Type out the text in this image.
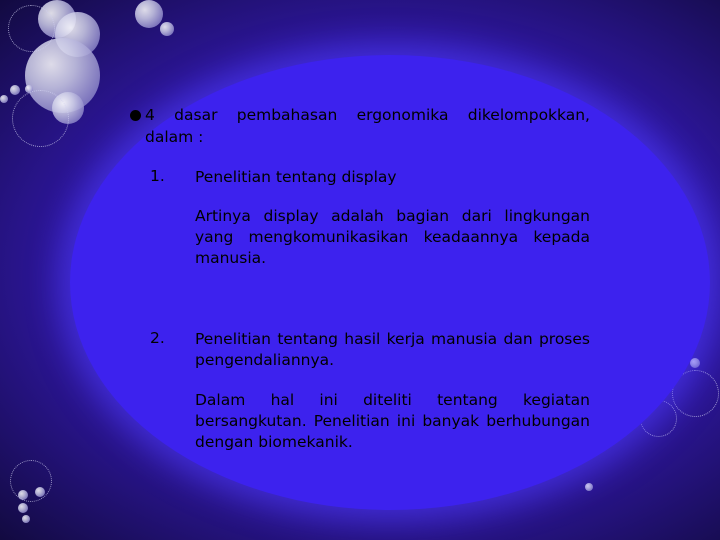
4 dasar pembahasan ergonomika dikelompokkan,
dalam :
1. Penelitian tentang display
Artinya display adalah bagian dari lingkungan yang mengkomunikasikan keadaannya kepada manusia.
2. Penelitian tentang hasil kerja manusia dan proses pengendaliannya.
Dalam hal ini diteliti tentang kegiatan bersangkutan. Penelitian ini banyak berhubungan dengan biomekanik.
